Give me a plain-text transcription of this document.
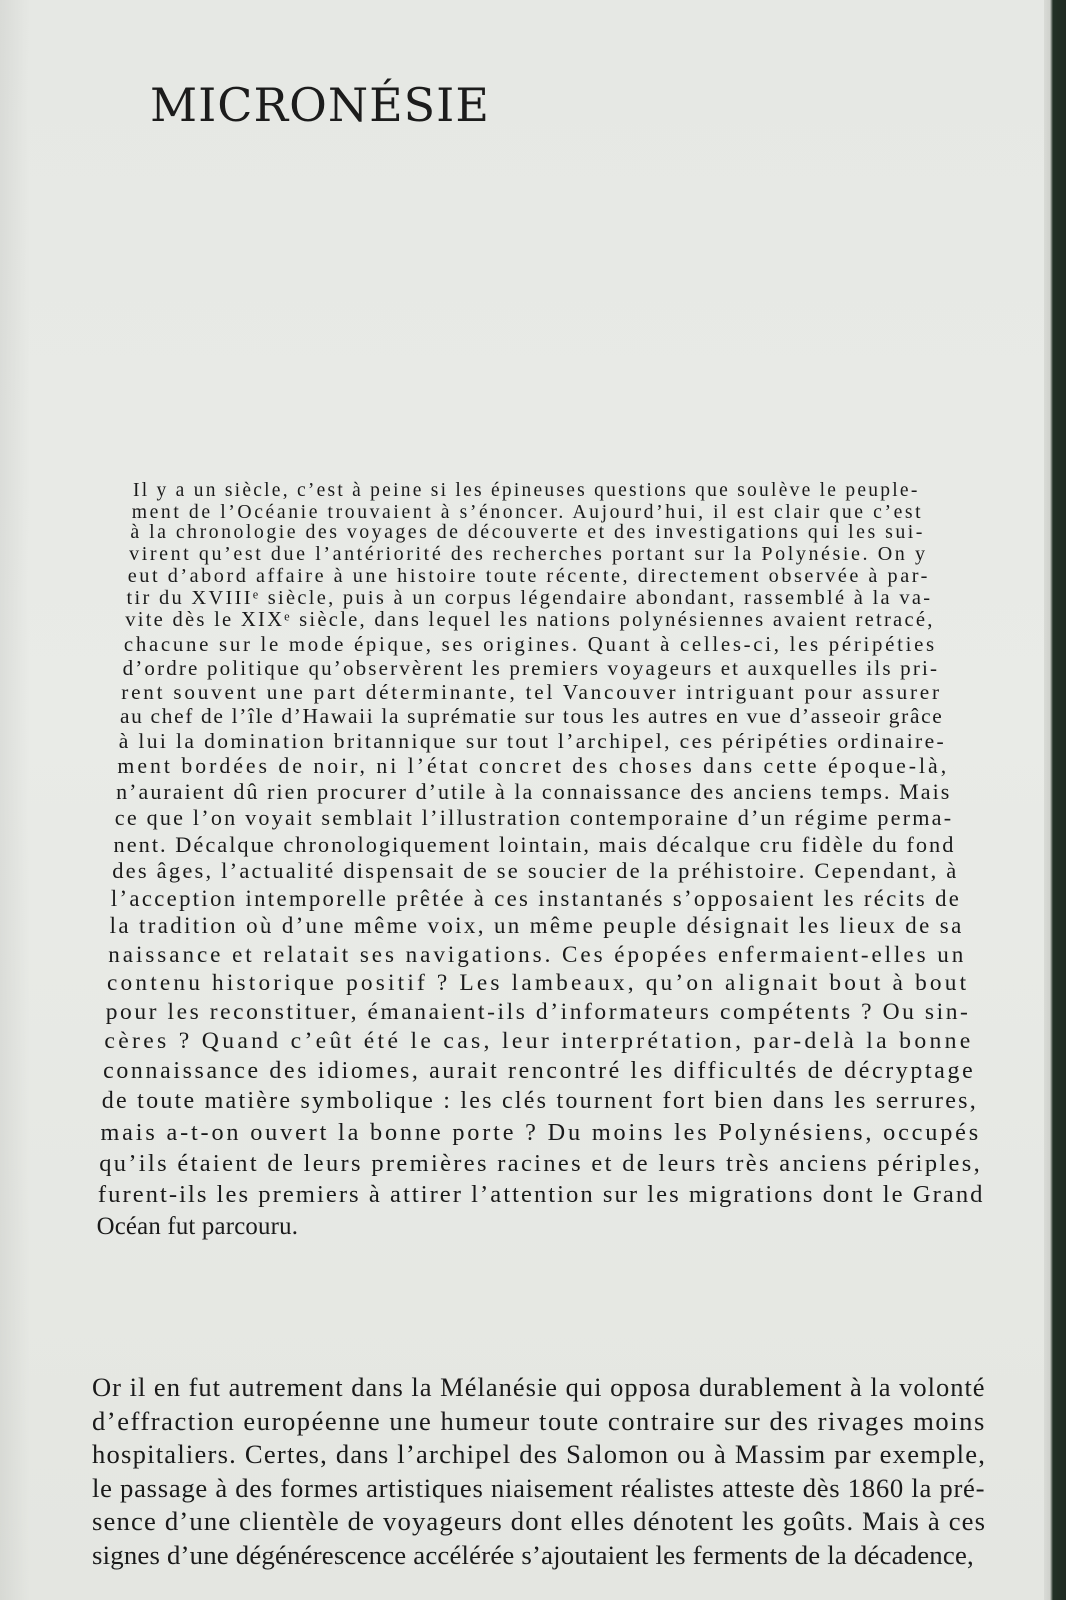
MICRONÉSIE
Il y a un siècle, c’est à peine si les épineuses questions que soulève le peuple-
ment de l’Océanie trouvaient à s’énoncer. Aujourd’hui, il est clair que c’est
à la chronologie des voyages de découverte et des investigations qui les sui-
virent qu’est due l’antériorité des recherches portant sur la Polynésie. On y
eut d’abord affaire à une histoire toute récente, directement observée à par-
tir du XVIIIᵉ siècle, puis à un corpus légendaire abondant, rassemblé à la va-
vite dès le XIXᵉ siècle, dans lequel les nations polynésiennes avaient retracé,
chacune sur le mode épique, ses origines. Quant à celles-ci, les péripéties
d’ordre politique qu’observèrent les premiers voyageurs et auxquelles ils pri-
rent souvent une part déterminante, tel Vancouver intriguant pour assurer
au chef de l’île d’Hawaii la suprématie sur tous les autres en vue d’asseoir grâce
à lui la domination britannique sur tout l’archipel, ces péripéties ordinaire-
ment bordées de noir, ni l’état concret des choses dans cette époque-là,
n’auraient dû rien procurer d’utile à la connaissance des anciens temps. Mais
ce que l’on voyait semblait l’illustration contemporaine d’un régime perma-
nent. Décalque chronologiquement lointain, mais décalque cru fidèle du fond
des âges, l’actualité dispensait de se soucier de la préhistoire. Cependant, à
l’acception intemporelle prêtée à ces instantanés s’opposaient les récits de
la tradition où d’une même voix, un même peuple désignait les lieux de sa
naissance et relatait ses navigations. Ces épopées enfermaient-elles un
contenu historique positif ? Les lambeaux, qu’on alignait bout à bout
pour les reconstituer, émanaient-ils d’informateurs compétents ? Ou sin-
cères ? Quand c’eût été le cas, leur interprétation, par-delà la bonne
connaissance des idiomes, aurait rencontré les difficultés de décryptage
de toute matière symbolique : les clés tournent fort bien dans les serrures,
mais a-t-on ouvert la bonne porte ? Du moins les Polynésiens, occupés
qu’ils étaient de leurs premières racines et de leurs très anciens périples,
furent-ils les premiers à attirer l’attention sur les migrations dont le Grand
Océan fut parcouru.
Or il en fut autrement dans la Mélanésie qui opposa durablement à la volonté
d’effraction européenne une humeur toute contraire sur des rivages moins
hospitaliers. Certes, dans l’archipel des Salomon ou à Massim par exemple,
le passage à des formes artistiques niaisement réalistes atteste dès 1860 la pré-
sence d’une clientèle de voyageurs dont elles dénotent les goûts. Mais à ces
signes d’une dégénérescence accélérée s’ajoutaient les ferments de la décadence,
